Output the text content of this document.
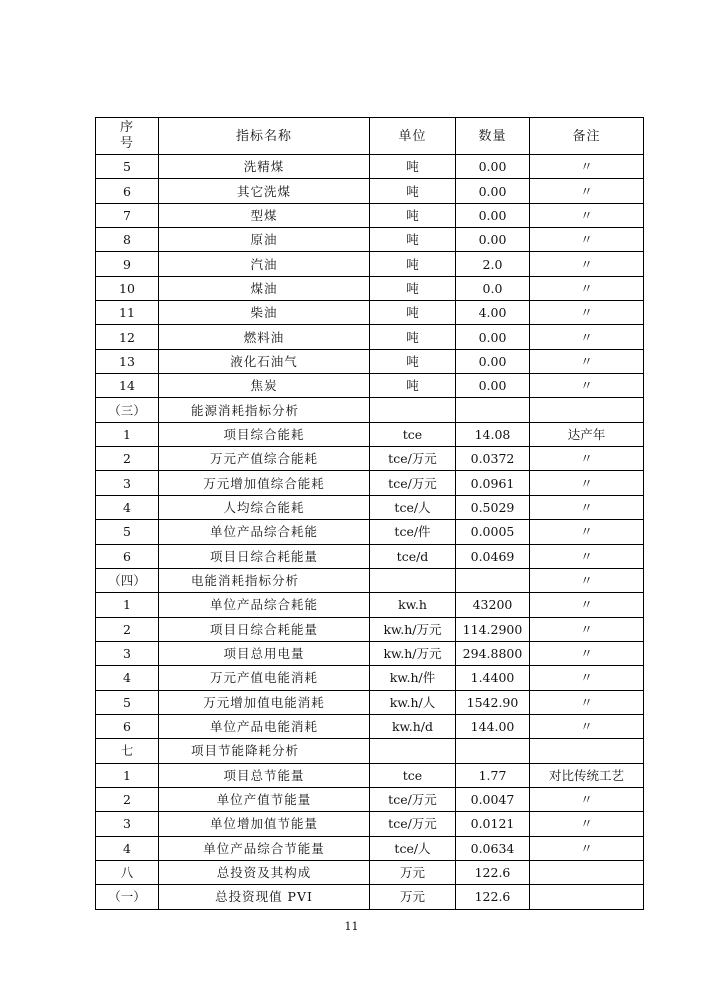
序
号	指标名称	单位	数量	备注
5	洗精煤	吨	0.00	〃
6	其它洗煤	吨	0.00	〃
7	型煤	吨	0.00	〃
8	原油	吨	0.00	〃
9	汽油	吨	2.0	〃
10	煤油	吨	0.0	〃
11	柴油	吨	4.00	〃
12	燃料油	吨	0.00	〃
13	液化石油气	吨	0.00	〃
14	焦炭	吨	0.00	〃
（三）	能源消耗指标分析			
1	项目综合能耗	tce	14.08	达产年
2	万元产值综合能耗	tce/万元	0.0372	〃
3	万元增加值综合能耗	tce/万元	0.0961	〃
4	人均综合能耗	tce/人	0.5029	〃
5	单位产品综合耗能	tce/件	0.0005	〃
6	项目日综合耗能量	tce/d	0.0469	〃
（四）	电能消耗指标分析			〃
1	单位产品综合耗能	kw.h	43200	〃
2	项目日综合耗能量	kw.h/万元	114.2900	〃
3	项目总用电量	kw.h/万元	294.8800	〃
4	万元产值电能消耗	kw.h/件	1.4400	〃
5	万元增加值电能消耗	kw.h/人	1542.90	〃
6	单位产品电能消耗	kw.h/d	144.00	〃
七	项目节能降耗分析			
1	项目总节能量	tce	1.77	对比传统工艺
2	单位产值节能量	tce/万元	0.0047	〃
3	单位增加值节能量	tce/万元	0.0121	〃
4	单位产品综合节能量	tce/人	0.0634	〃
八	总投资及其构成	万元	122.6	
（一）	总投资现值 PVI	万元	122.6	
11
